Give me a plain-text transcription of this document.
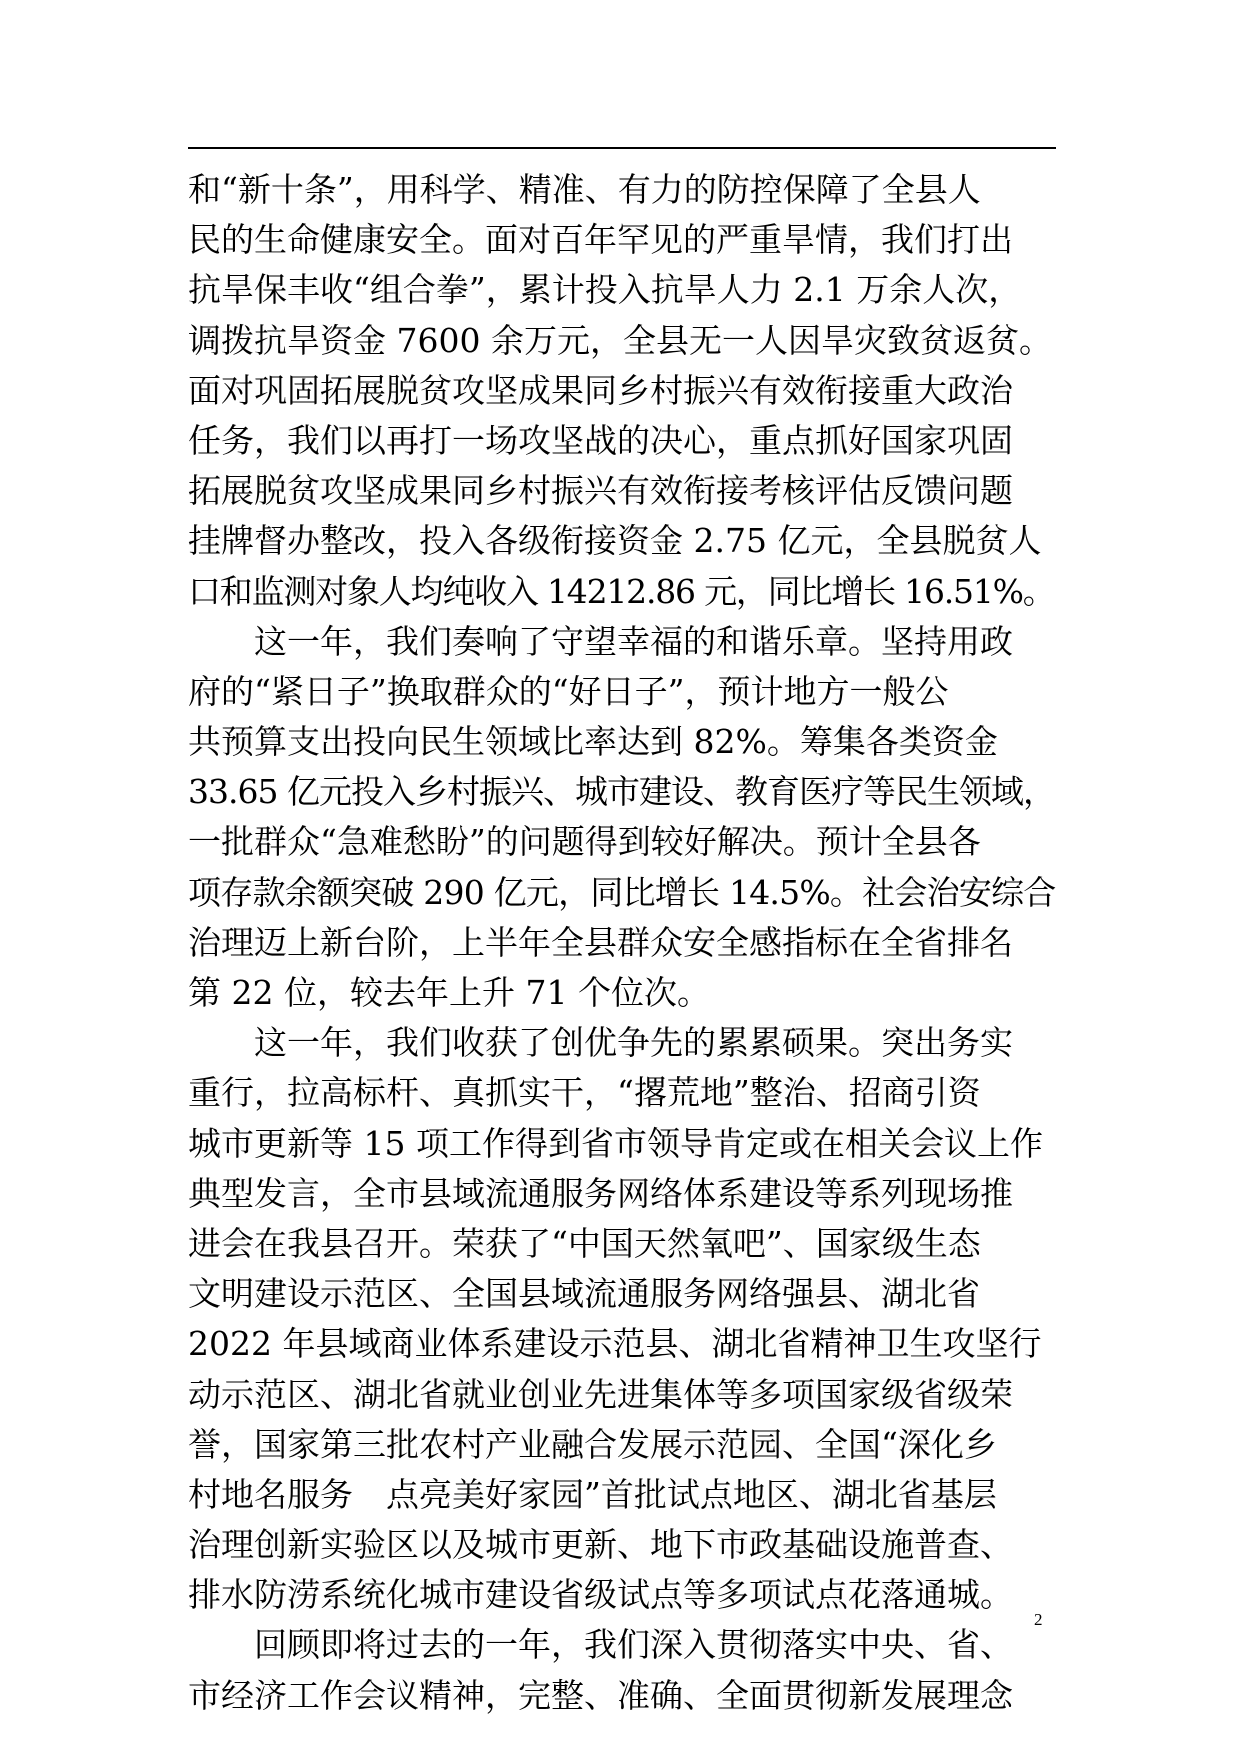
和“新十条”，用科学、精准、有力的防控保障了全县人
民的生命健康安全。面对百年罕见的严重旱情，我们打出
抗旱保丰收“组合拳”，累计投入抗旱人力 2.1 万余人次，
调拨抗旱资金 7600 余万元，全县无一人因旱灾致贫返贫。
面对巩固拓展脱贫攻坚成果同乡村振兴有效衔接重大政治
任务，我们以再打一场攻坚战的决心，重点抓好国家巩固
拓展脱贫攻坚成果同乡村振兴有效衔接考核评估反馈问题
挂牌督办整改，投入各级衔接资金 2.75 亿元，全县脱贫人
口和监测对象人均纯收入 14212.86 元，同比增长 16.51%。
这一年，我们奏响了守望幸福的和谐乐章。坚持用政
府的“紧日子”换取群众的“好日子”，预计地方一般公
共预算支出投向民生领域比率达到 82%。筹集各类资金
33.65 亿元投入乡村振兴、城市建设、教育医疗等民生领域，
一批群众“急难愁盼”的问题得到较好解决。预计全县各
项存款余额突破 290 亿元，同比增长 14.5%。社会治安综合
治理迈上新台阶，上半年全县群众安全感指标在全省排名
第 22 位，较去年上升 71 个位次。
这一年，我们收获了创优争先的累累硕果。突出务实
重行，拉高标杆、真抓实干，“撂荒地”整治、招商引资
城市更新等 15 项工作得到省市领导肯定或在相关会议上作
典型发言，全市县域流通服务网络体系建设等系列现场推
进会在我县召开。荣获了“中国天然氧吧”、国家级生态
文明建设示范区、全国县域流通服务网络强县、湖北省
2022 年县域商业体系建设示范县、湖北省精神卫生攻坚行
动示范区、湖北省就业创业先进集体等多项国家级省级荣
誉，国家第三批农村产业融合发展示范园、全国“深化乡
村地名服务　点亮美好家园”首批试点地区、湖北省基层
治理创新实验区以及城市更新、地下市政基础设施普查、
排水防涝系统化城市建设省级试点等多项试点花落通城。
回顾即将过去的一年，我们深入贯彻落实中央、省、
市经济工作会议精神，完整、准确、全面贯彻新发展理念
2
